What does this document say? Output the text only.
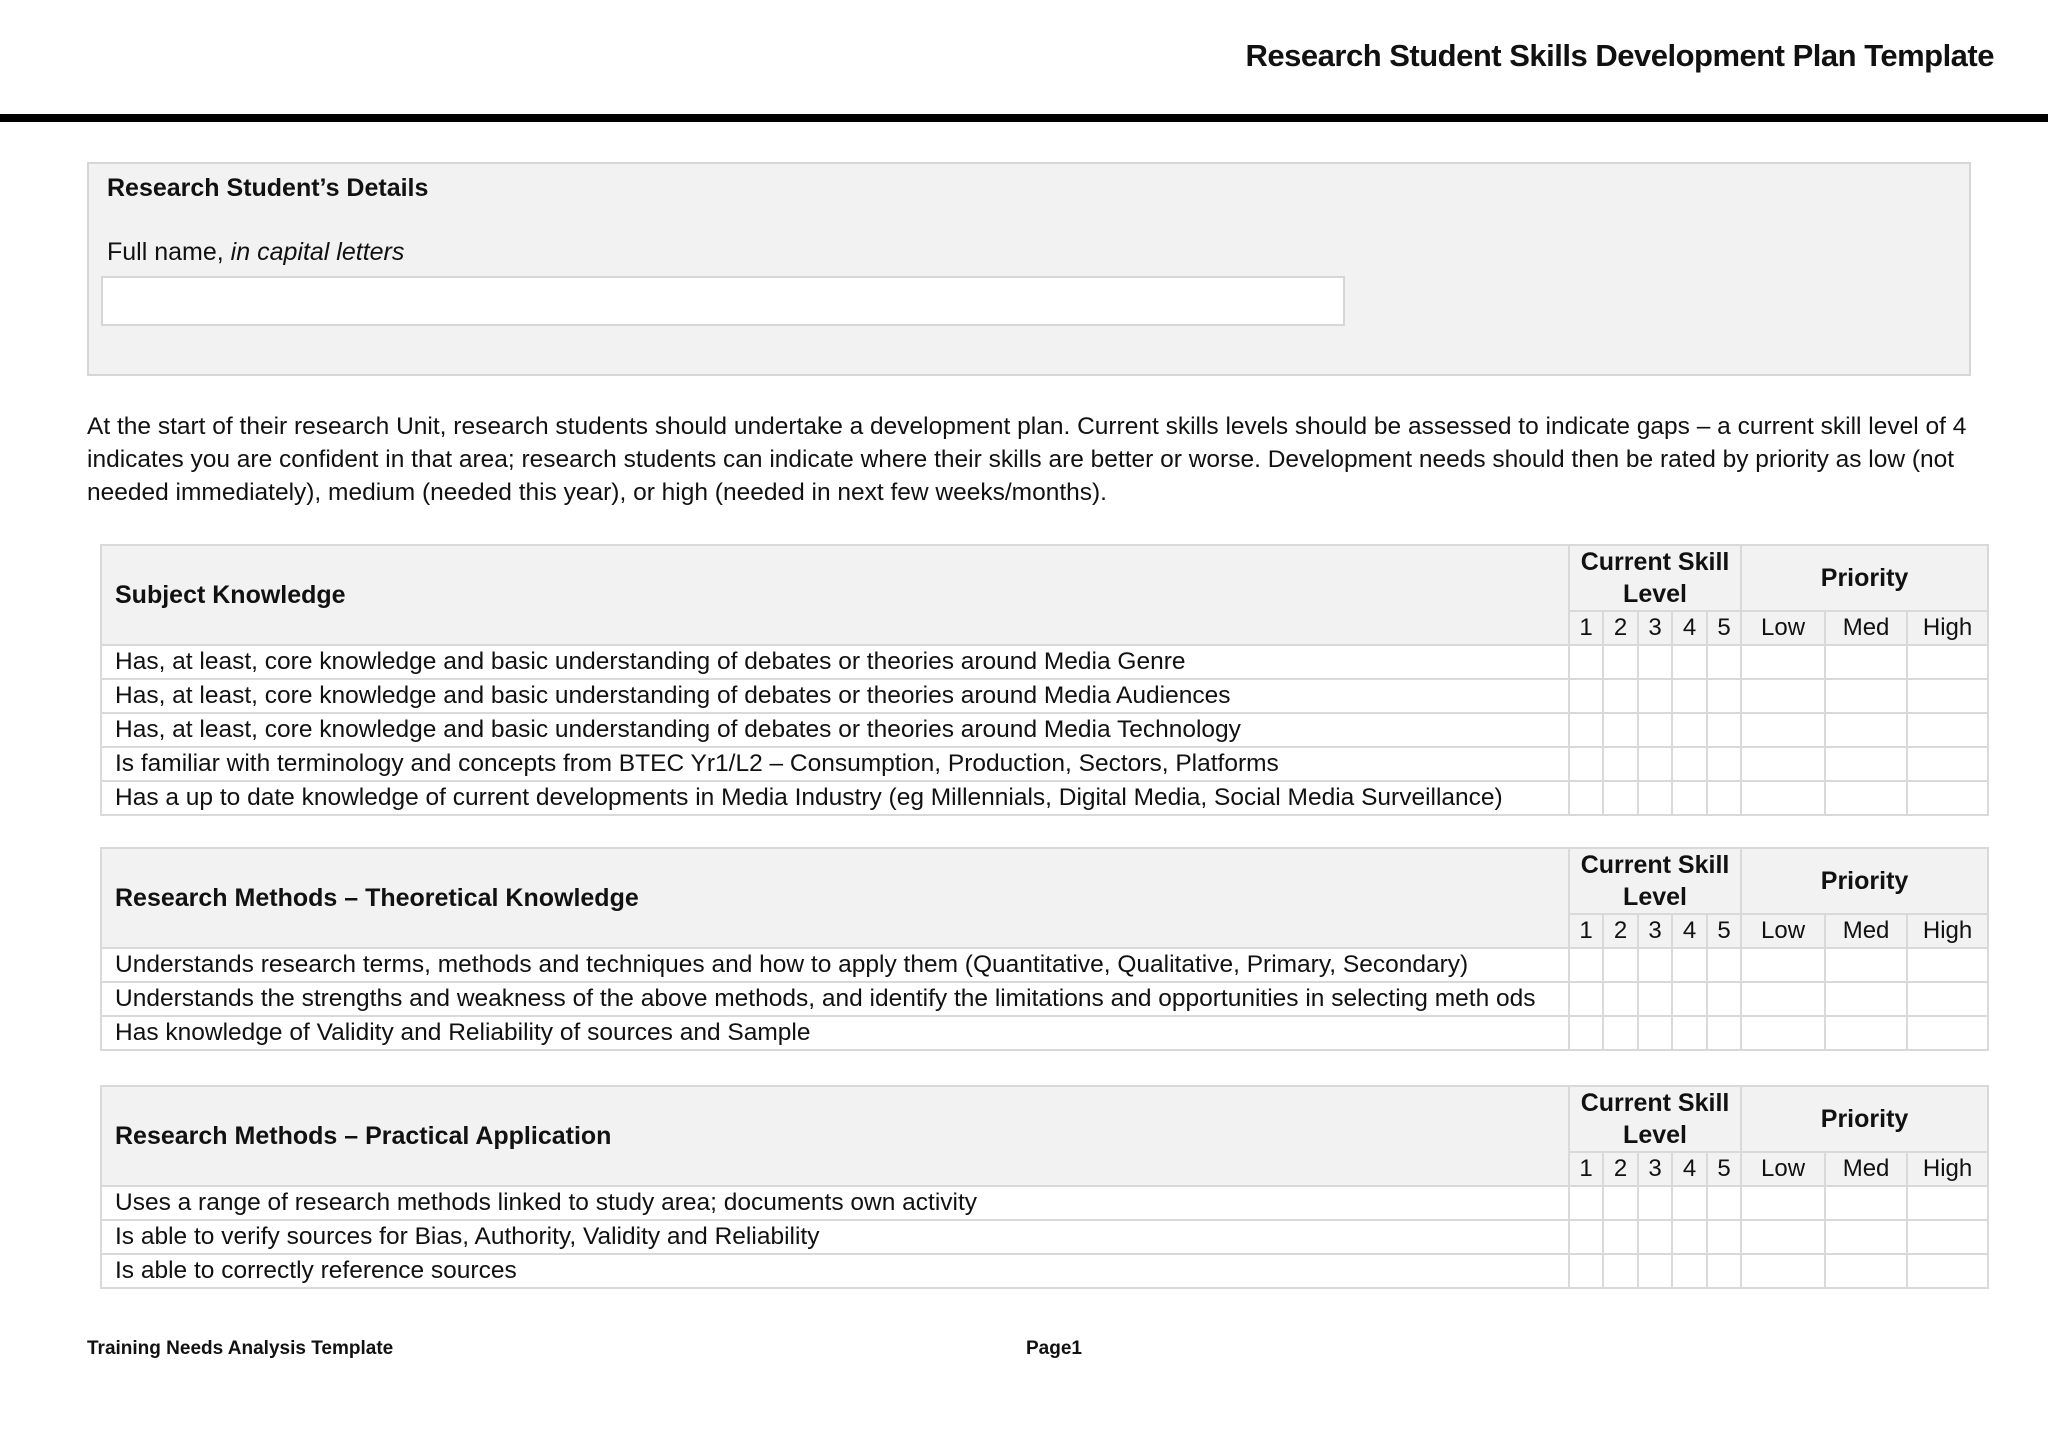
Research Student Skills Development Plan Template
Research Student’s Details
Full name, in capital letters

At the start of their research Unit, research students should undertake a development plan. Current skills levels should be assessed to indicate gaps – a current skill level of 4 indicates you are confident in that area; research students can indicate where their skills are better or worse. Development needs should then be rated by priority as low (not needed immediately), medium (needed this year), or high (needed in next few weeks/months).

Subject Knowledge	Current Skill Level					Priority		
	1	2	3	4	5	Low	Med	High
Has, at least, core knowledge and basic understanding of debates or theories around Media Genre								
Has, at least, core knowledge and basic understanding of debates or theories around Media Audiences								
Has, at least, core knowledge and basic understanding of debates or theories around Media Technology								
Is familiar with terminology and concepts from BTEC Yr1/L2 – Consumption, Production, Sectors, Platforms								
Has a up to date knowledge of current developments in Media Industry (eg Millennials, Digital Media, Social Media Surveillance)								
Research Methods – Theoretical Knowledge	Current Skill Level					Priority		
	1	2	3	4	5	Low	Med	High
Understands research terms, methods and techniques and how to apply them (Quantitative, Qualitative, Primary, Secondary)								
Understands the strengths and weakness of the above methods, and identify the limitations and opportunities in selecting meth ods								
Has knowledge of Validity and Reliability of sources and Sample								
Research Methods – Practical Application	Current Skill Level					Priority		
	1	2	3	4	5	Low	Med	High
Uses a range of research methods linked to study area; documents own activity								
Is able to verify sources for Bias, Authority, Validity and Reliability								
Is able to correctly reference sources								
Training Needs Analysis Template	Page1
